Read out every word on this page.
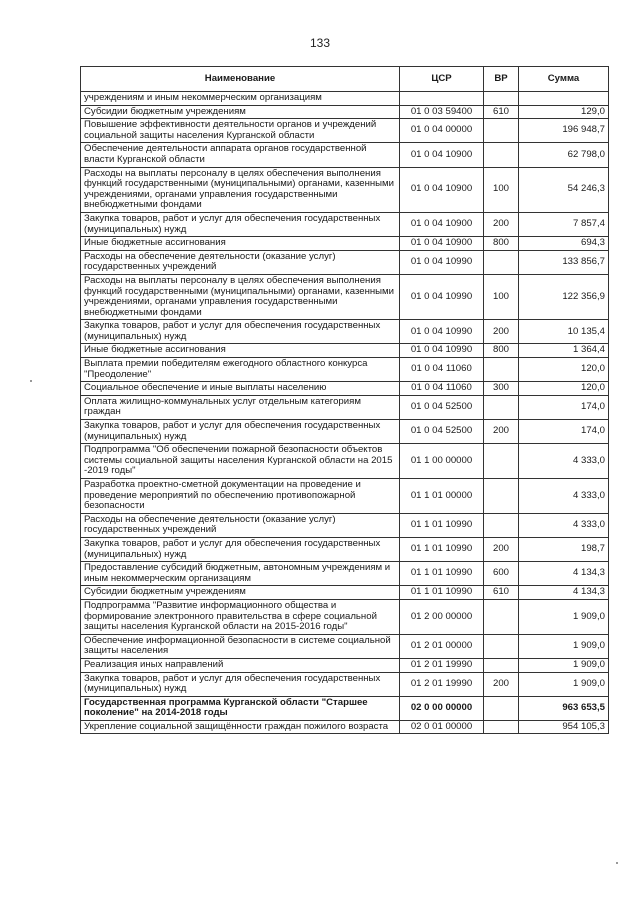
133
Наименование	ЦСР	ВР	Сумма
учреждениям и иным некоммерческим организациям			
Субсидии бюджетным учреждениям	01 0 03 59400	610	129,0
Повышение эффективности деятельности органов и учреждений социальной защиты населения Курганской области	01 0 04 00000		196 948,7
Обеспечение деятельности аппарата органов государственной власти Курганской области	01 0 04 10900		62 798,0
Расходы на выплаты персоналу в целях обеспечения выполнения функций государственными (муниципальными) органами, казенными учреждениями, органами управления государственными внебюджетными фондами	01 0 04 10900	100	54 246,3
Закупка товаров, работ и услуг для обеспечения государственных (муниципальных) нужд	01 0 04 10900	200	7 857,4
Иные бюджетные ассигнования	01 0 04 10900	800	694,3
Расходы на обеспечение деятельности (оказание услуг) государственных учреждений	01 0 04 10990		133 856,7
Расходы на выплаты персоналу в целях обеспечения выполнения функций государственными (муниципальными) органами, казенными учреждениями, органами управления государственными внебюджетными фондами	01 0 04 10990	100	122 356,9
Закупка товаров, работ и услуг для обеспечения государственных (муниципальных) нужд	01 0 04 10990	200	10 135,4
Иные бюджетные ассигнования	01 0 04 10990	800	1 364,4
Выплата премии победителям ежегодного областного конкурса "Преодоление"	01 0 04 11060		120,0
Социальное обеспечение и иные выплаты населению	01 0 04 11060	300	120,0
Оплата жилищно-коммунальных услуг отдельным категориям граждан	01 0 04 52500		174,0
Закупка товаров, работ и услуг для обеспечения государственных (муниципальных) нужд	01 0 04 52500	200	174,0
Подпрограмма "Об обеспечении пожарной безопасности объектов системы социальной защиты населения Курганской области на 2015 -2019 годы"	01 1 00 00000		4 333,0
Разработка проектно-сметной документации на проведение и проведение мероприятий по обеспечению противопожарной безопасности	01 1 01 00000		4 333,0
Расходы на обеспечение деятельности (оказание услуг) государственных учреждений	01 1 01 10990		4 333,0
Закупка товаров, работ и услуг для обеспечения государственных (муниципальных) нужд	01 1 01 10990	200	198,7
Предоставление субсидий бюджетным, автономным учреждениям и иным некоммерческим организациям	01 1 01 10990	600	4 134,3
Субсидии бюджетным учреждениям	01 1 01 10990	610	4 134,3
Подпрограмма "Развитие информационного общества и формирование электронного правительства в сфере социальной защиты населения Курганской области на 2015-2016 годы"	01 2 00 00000		1 909,0
Обеспечение информационной безопасности в системе социальной защиты населения	01 2 01 00000		1 909,0
Реализация иных направлений	01 2 01 19990		1 909,0
Закупка товаров, работ и услуг для обеспечения государственных (муниципальных) нужд	01 2 01 19990	200	1 909,0
Государственная программа Курганской области "Старшее поколение" на 2014-2018 годы	02 0 00 00000		963 653,5
Укрепление социальной защищённости граждан пожилого возраста	02 0 01 00000		954 105,3
